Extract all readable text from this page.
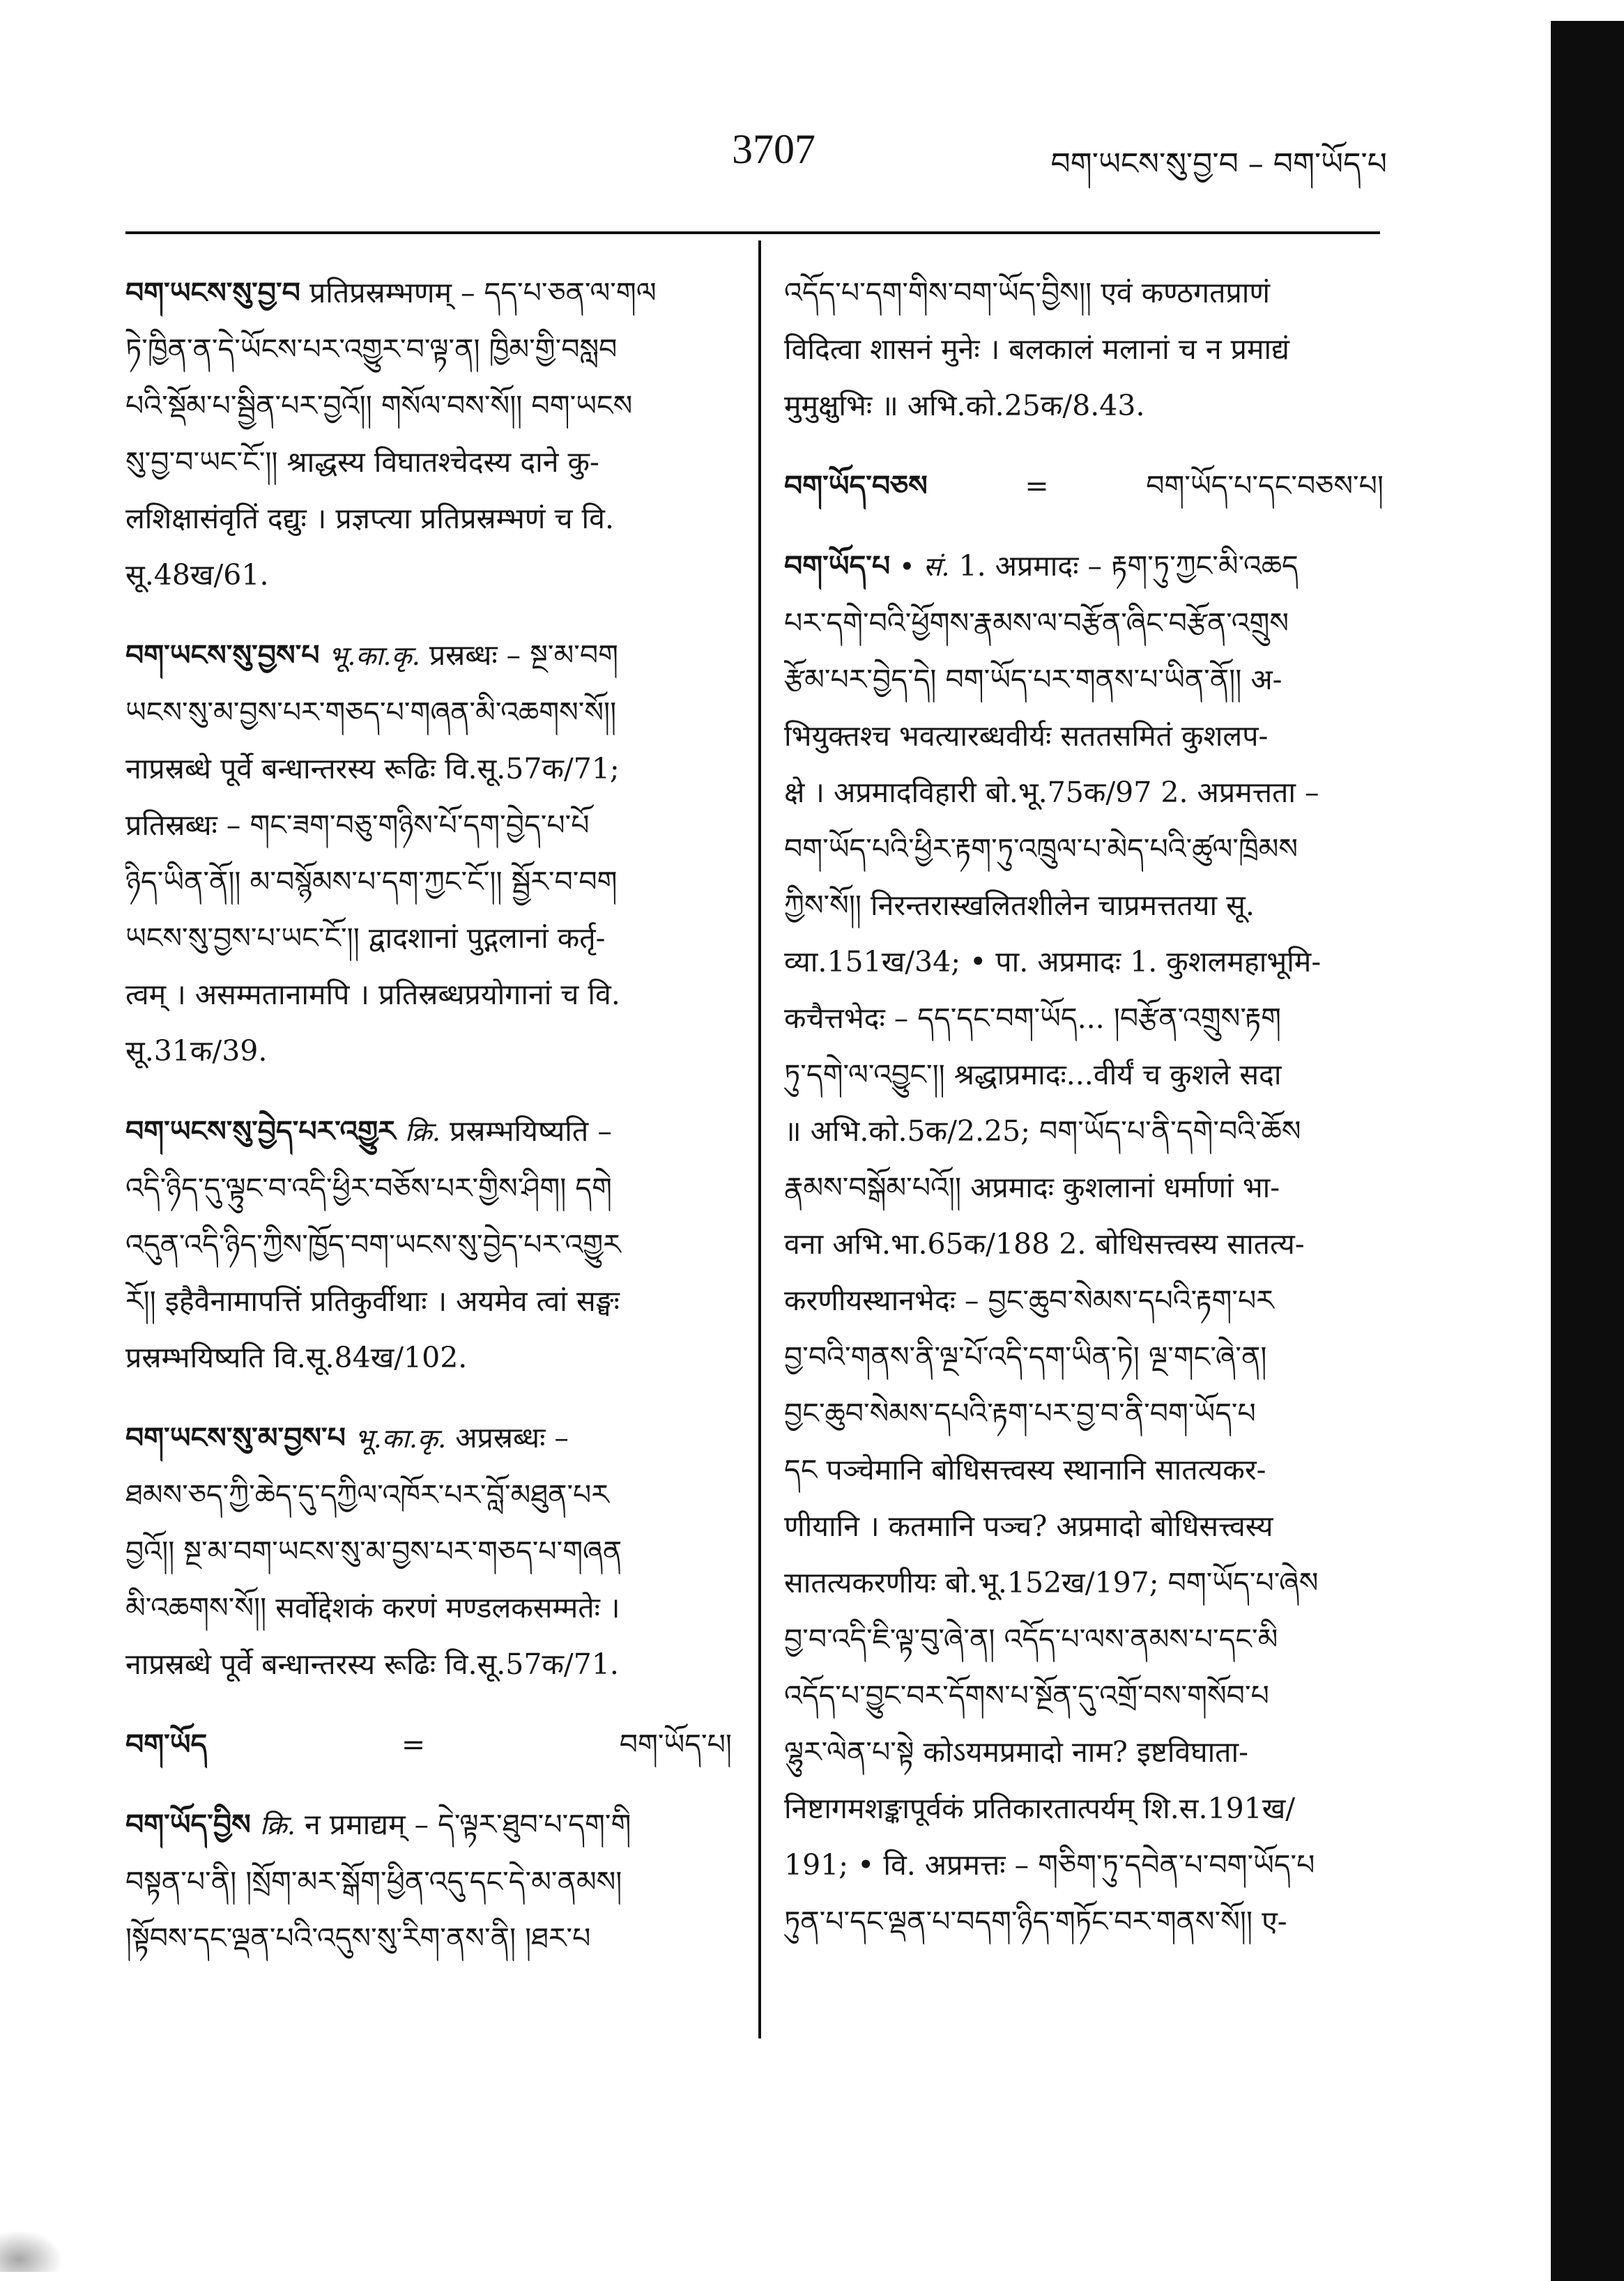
3707	བག་ཡངས་སུ་བྱ་བ – བག་ཡོད་པ
བག་ཡངས་སུ་བྱ་བ प्रतिप्रस्रम्भणम् – དད་པ་ཅན་ལ་གལ
ཏེ་ཁྱིན་ན་དེ་ཡོངས་པར་འགྱུར་བ་ལྟ་ན། ཁྱིམ་གྱི་བསླབ
པའི་སྡོམ་པ་སྦྱིན་པར་བྱའོ།། གསོལ་བས་སོ།། བག་ཡངས
སུ་བྱ་བ་ཡང་ངོ་།། श्राद्धस्य विघातश्चेदस्य दाने कु-
लशिक्षासंवृतिं दद्युः । प्रज्ञप्त्या प्रतिप्रस्रम्भणं च वि.
सू.48ख/61.
བག་ཡངས་སུ་བྱས་པ भू.का.कृ. प्रस्रब्धः – སྔ་མ་བག
ཡངས་སུ་མ་བྱས་པར་གཅད་པ་གཞན་མི་འཆགས་སོ།།
नाप्रस्रब्धे पूर्वे बन्धान्तरस्य रूढिः वि.सू.57क/71;
प्रतिस्रब्धः – གང་ཟག་བཅུ་གཉིས་པོ་དག་བྱེད་པ་པོ
ཉིད་ཡིན་ནོ།། མ་བསྙོམས་པ་དག་ཀྱང་ངོ་།། སྦྱོར་བ་བག
ཡངས་སུ་བྱས་པ་ཡང་ངོ་།། द्वादशानां पुद्गलानां कर्तृ-
त्वम् । असम्मतानामपि । प्रतिस्रब्धप्रयोगानां च वि.
सू.31क/39.
བག་ཡངས་སུ་བྱེད་པར་འགྱུར क्रि. प्रस्रम्भयिष्यति –
འདི་ཉིད་དུ་ལྟུང་བ་འདི་ཕྱིར་བཅོས་པར་གྱིས་ཤིག། དགེ
འདུན་འདི་ཉིད་ཀྱིས་ཁྱོད་བག་ཡངས་སུ་བྱེད་པར་འགྱུར
རོ།། इहैवैनामापत्तिं प्रतिकुर्वीथाः । अयमेव त्वां सङ्घः
प्रस्रम्भयिष्यति वि.सू.84ख/102.
བག་ཡངས་སུ་མ་བྱས་པ भू.का.कृ. अप्रस्रब्धः –
ཐམས་ཅད་ཀྱི་ཆེད་དུ་དཀྱིལ་འཁོར་པར་བློ་མཐུན་པར
བྱའོ།། སྔ་མ་བག་ཡངས་སུ་མ་བྱས་པར་གཅད་པ་གཞན
མི་འཆགས་སོ།། सर्वोद्देशकं करणं मण्डलकसम्मतेः ।
नाप्रस्रब्धे पूर्वे बन्धान्तरस्य रूढिः वि.सू.57क/71.
བག་ཡོད	=	བག་ཡོད་པ།
བག་ཡོད་བྱིས क्रि. न प्रमाद्यम् – དེ་ལྟར་ཐུབ་པ་དག་གི
བསྟན་པ་ནི། །སྲོག་མར་སྒོག་ཕྱིན་འདུ་དང་དེ་མ་ནམས།
།སྟོབས་དང་ལྡན་པའི་འདུས་སུ་རིག་ནས་ནི། །ཐར་པ
འདོད་པ་དག་གིས་བག་ཡོད་བྱིས།། एवं कण्ठगतप्राणं
विदित्वा शासनं मुनेः । बलकालं मलानां च न प्रमाद्यं
मुमुक्षुभिः ॥ अभि.को.25क/8.43.
བག་ཡོད་བཅས	=	བག་ཡོད་པ་དང་བཅས་པ།
བག་ཡོད་པ • सं. 1. अप्रमादः – རྟག་ཏུ་ཀྱང་མི་འཆད
པར་དགེ་བའི་ཕྱོགས་རྣམས་ལ་བརྩོན་ཞིང་བརྩོན་འགྲུས
རྩོམ་པར་བྱེད་དེ། བག་ཡོད་པར་གནས་པ་ཡིན་ནོ།། अ-
भियुक्तश्च भवत्यारब्धवीर्यः सततसमितं कुशलप-
क्षे । अप्रमादविहारी बो.भू.75क/97 2. अप्रमत्तता –
བག་ཡོད་པའི་ཕྱིར་རྟག་ཏུ་འཁྲུལ་པ་མེད་པའི་ཚུལ་ཁྲིམས
ཀྱིས་སོ།། निरन्तरास्खलितशीलेन चाप्रमत्ततया सू.
व्या.151ख/34; • पा. अप्रमादः 1. कुशलमहाभूमि-
कचैत्तभेदः – དད་དང་བག་ཡོད... །བརྩོན་འགྲུས་རྟག
ཏུ་དགེ་ལ་འབྱུང་།། श्रद्धाप्रमादः...वीर्यं च कुशले सदा
॥ अभि.को.5क/2.25; བག་ཡོད་པ་ནི་དགེ་བའི་ཆོས
རྣམས་བསྒོམ་པའོ།། अप्रमादः कुशलानां धर्माणां भा-
वना अभि.भा.65क/188 2. बोधिसत्त्वस्य सातत्य-
करणीयस्थानभेदः – བྱང་ཆུབ་སེམས་དཔའི་རྟག་པར
བྱ་བའི་གནས་ནི་ལྔ་པོ་འདི་དག་ཡིན་ཏེ། ལྔ་གང་ཞེ་ན།
བྱང་ཆུབ་སེམས་དཔའི་རྟག་པར་བྱ་བ་ནི་བག་ཡོད་པ
དང पञ्चेमानि बोधिसत्त्वस्य स्थानानि सातत्यकर-
णीयानि । कतमानि पञ्च? अप्रमादो बोधिसत्त्वस्य
सातत्यकरणीयः बो.भू.152ख/197; བག་ཡོད་པ་ཞེས
བྱ་བ་འདི་ཇི་ལྟ་བུ་ཞེ་ན། འདོད་པ་ལས་ནམས་པ་དང་མི
འདོད་པ་བྱུང་བར་དོགས་པ་སྔོན་དུ་འགྲོ་བས་གསོབ་པ
ལྷུར་ལེན་པ་སྟེ कोऽयमप्रमादो नाम? इष्टविघाता-
निष्टागमशङ्कापूर्वकं प्रतिकारतात्पर्यम् शि.स.191ख/
191; • वि. अप्रमत्तः – གཅིག་ཏུ་དབེན་པ་བག་ཡོད་པ
ཏུན་པ་དང་ལྡན་པ་བདག་ཉིད་གཏོང་བར་གནས་སོ།། ए-
